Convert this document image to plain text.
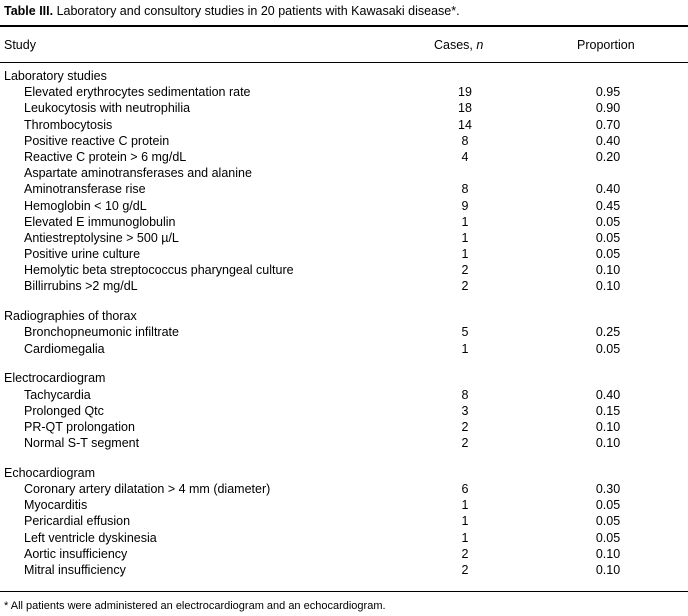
Table III. Laboratory and consultory studies in 20 patients with Kawasaki disease*.
Study	Cases, n	Proportion
Laboratory studies
Elevated erythrocytes sedimentation rate	19	0.95
Leukocytosis with neutrophilia	18	0.90
Thrombocytosis	14	0.70
Positive reactive C protein	8	0.40
Reactive C protein > 6 mg/dL	4	0.20
Aspartate aminotransferases and alanine
Aminotransferase rise	8	0.40
Hemoglobin < 10 g/dL	9	0.45
Elevated E immunoglobulin	1	0.05
Antiestreptolysine > 500 µ/L	1	0.05
Positive urine culture	1	0.05
Hemolytic beta streptococcus pharyngeal culture	2	0.10
Billirrubins >2 mg/dL	2	0.10
Radiographies of thorax
Bronchopneumonic infiltrate	5	0.25
Cardiomegalia	1	0.05
Electrocardiogram
Tachycardia	8	0.40
Prolonged Qtc	3	0.15
PR-QT prolongation	2	0.10
Normal S-T segment	2	0.10
Echocardiogram
Coronary artery dilatation > 4 mm (diameter)	6	0.30
Myocarditis	1	0.05
Pericardial effusion	1	0.05
Left ventricle dyskinesia	1	0.05
Aortic insufficiency	2	0.10
Mitral insufficiency	2	0.10
* All patients were administered an electrocardiogram and an echocardiogram.
